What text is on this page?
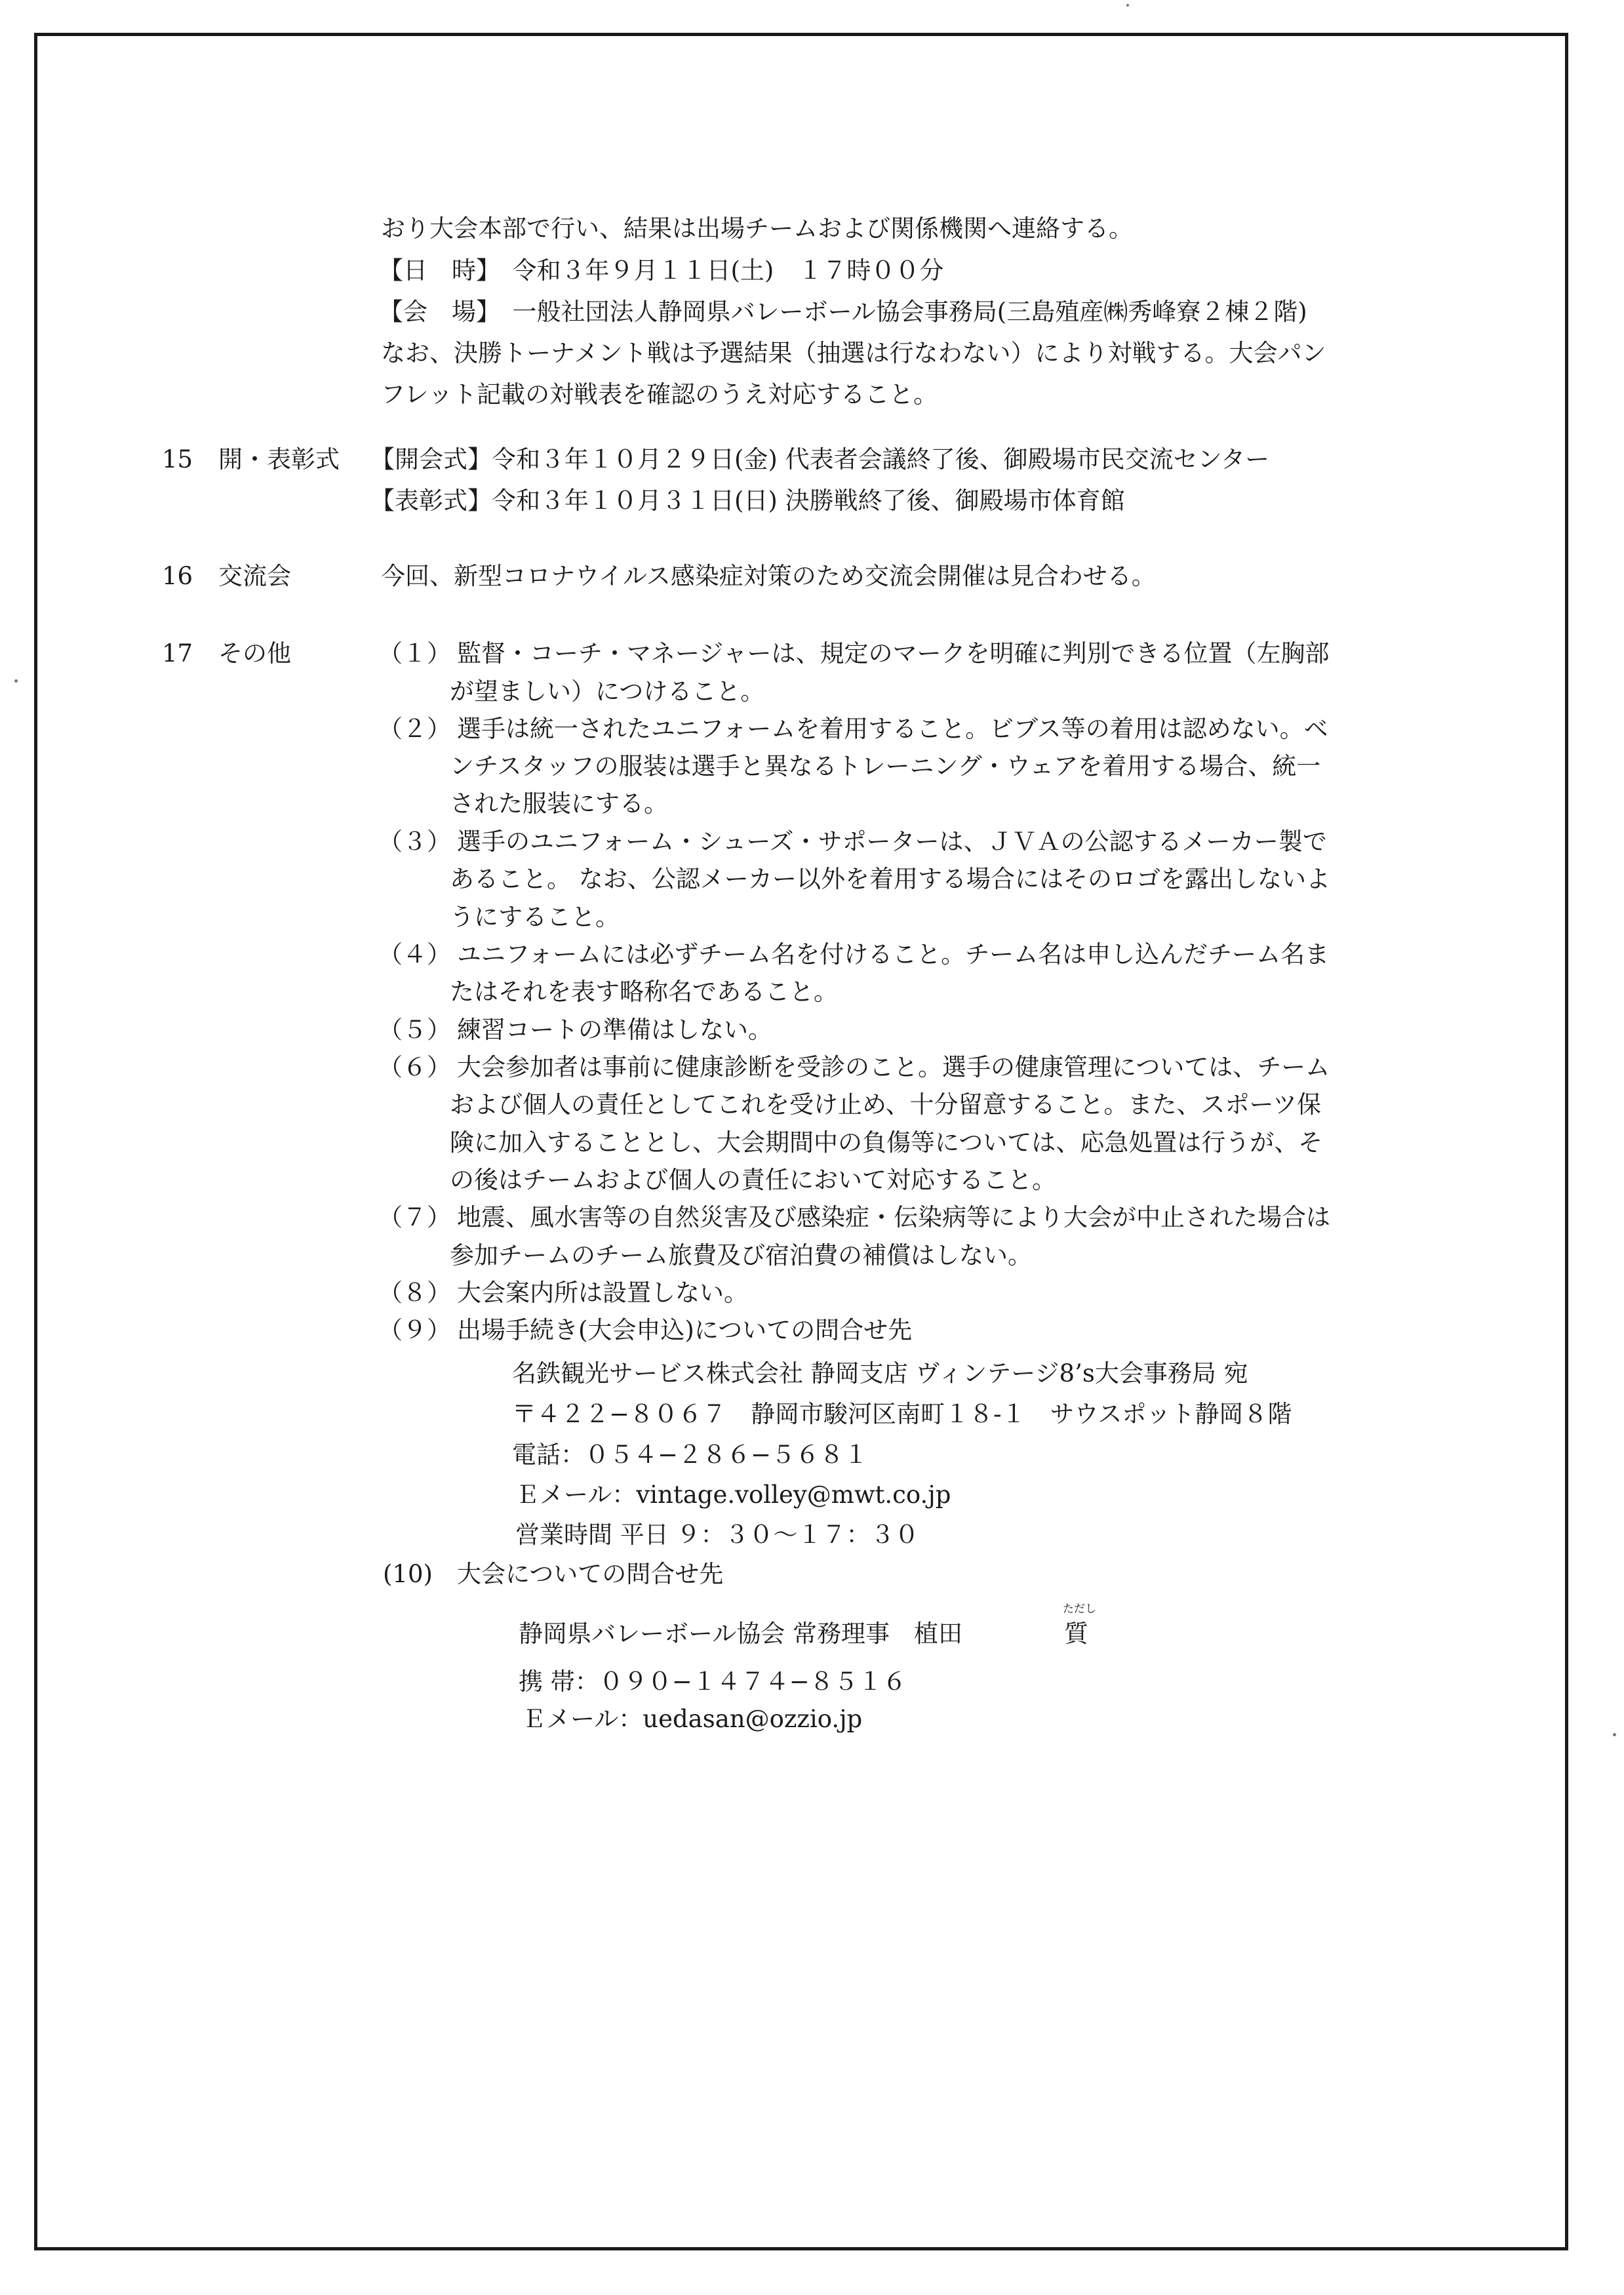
おり大会本部で行い、結果は出場チームおよび関係機関へ連絡する。
【日　時】　令和３年９月１１日(土)　１７時００分
【会　場】　一般社団法人静岡県バレーボール協会事務局(三島殖産㈱秀峰寮２棟２階)
なお、決勝トーナメント戦は予選結果（抽選は行なわない）により対戦する。大会パン
フレット記載の対戦表を確認のうえ対応すること。
15 開・表彰式 【開会式】令和３年１０月２９日(金) 代表者会議終了後、御殿場市民交流センター
【表彰式】令和３年１０月３１日(日) 決勝戦終了後、御殿場市体育館
16 交流会	今回、新型コロナウイルス感染症対策のため交流会開催は見合わせる。
17 その他	（１） 監督・コーチ・マネージャーは、規定のマークを明確に判別できる位置（左胸部
が望ましい）につけること。
（２） 選手は統一されたユニフォームを着用すること。ビブス等の着用は認めない。ベ
ンチスタッフの服装は選手と異なるトレーニング・ウェアを着用する場合、統一
された服装にする。
（３） 選手のユニフォーム・シューズ・サポーターは、ＪＶＡの公認するメーカー製で
あること。 なお、公認メーカー以外を着用する場合にはそのロゴを露出しないよ
うにすること。
（４） ユニフォームには必ずチーム名を付けること。チーム名は申し込んだチーム名ま
たはそれを表す略称名であること。
（５） 練習コートの準備はしない。
（６） 大会参加者は事前に健康診断を受診のこと。選手の健康管理については、チーム
および個人の責任としてこれを受け止め、十分留意すること。また、スポーツ保
険に加入することとし、大会期間中の負傷等については、応急処置は行うが、そ
の後はチームおよび個人の責任において対応すること。
（７） 地震、風水害等の自然災害及び感染症・伝染病等により大会が中止された場合は
参加チームのチーム旅費及び宿泊費の補償はしない。
（８） 大会案内所は設置しない。
（９） 出場手続き(大会申込)についての問合せ先
名鉄観光サービス株式会社 静岡支店 ヴィンテージ8’s大会事務局 宛
〒４２２−８０６７　静岡市駿河区南町１８-１　サウスポット静岡８階
電話：０５４−２８６−５６８１
Ｅメール：vintage.volley@mwt.co.jp
営業時間 平日 ９：３０〜１７：３０
(10) 大会についての問合せ先
静岡県バレーボール協会 常務理事　植田
ただし
質
携 帯：０９０−１４７４−８５１６
Ｅメール：uedasan@ozzio.jp
